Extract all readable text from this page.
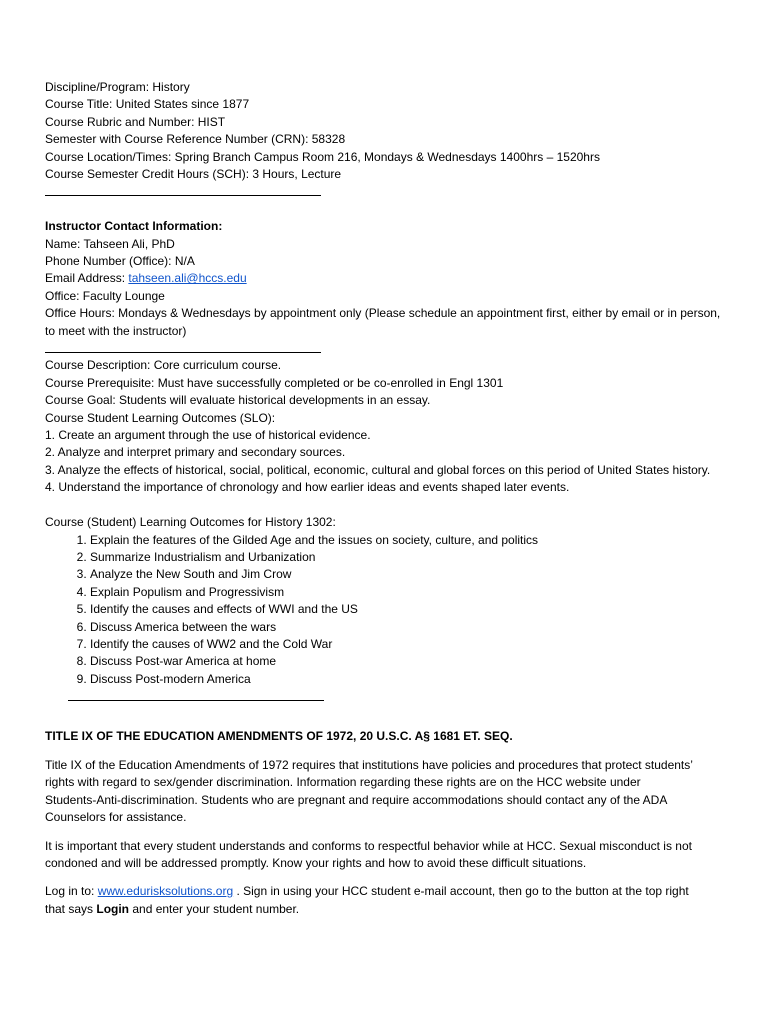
Discipline/Program: History
Course Title: United States since 1877
Course Rubric and Number: HIST
Semester with Course Reference Number (CRN): 58328
Course Location/Times: Spring Branch Campus Room 216, Mondays & Wednesdays 1400hrs – 1520hrs
Course Semester Credit Hours (SCH): 3 Hours, Lecture
Instructor Contact Information:
Name: Tahseen Ali, PhD
Phone Number (Office): N/A
Email Address: tahseen.ali@hccs.edu
Office: Faculty Lounge
Office Hours: Mondays & Wednesdays by appointment only (Please schedule an appointment first, either by email or in person, to meet with the instructor)
Course Description: Core curriculum course.
Course Prerequisite: Must have successfully completed or be co-enrolled in Engl 1301
Course Goal: Students will evaluate historical developments in an essay.
Course Student Learning Outcomes (SLO):
1. Create an argument through the use of historical evidence.
2. Analyze and interpret primary and secondary sources.
3. Analyze the effects of historical, social, political, economic, cultural and global forces on this period of United States history.
4. Understand the importance of chronology and how earlier ideas and events shaped later events.
Course (Student) Learning Outcomes for History 1302:
1. Explain the features of the Gilded Age and the issues on society, culture, and politics
2. Summarize Industrialism and Urbanization
3. Analyze the New South and Jim Crow
4. Explain Populism and Progressivism
5. Identify the causes and effects of WWI and the US
6. Discuss America between the wars
7. Identify the causes of WW2 and the Cold War
8. Discuss Post-war America at home
9. Discuss Post-modern America
TITLE IX OF THE EDUCATION AMENDMENTS OF 1972, 20 U.S.C. A§ 1681 ET. SEQ.
Title IX of the Education Amendments of 1972 requires that institutions have policies and procedures that protect students’ rights with regard to sex/gender discrimination. Information regarding these rights are on the HCC website under Students-Anti-discrimination. Students who are pregnant and require accommodations should contact any of the ADA Counselors for assistance.
It is important that every student understands and conforms to respectful behavior while at HCC. Sexual misconduct is not condoned and will be addressed promptly. Know your rights and how to avoid these difficult situations.
Log in to: www.edurisksolutions.org . Sign in using your HCC student e-mail account, then go to the button at the top right that says Login and enter your student number.
